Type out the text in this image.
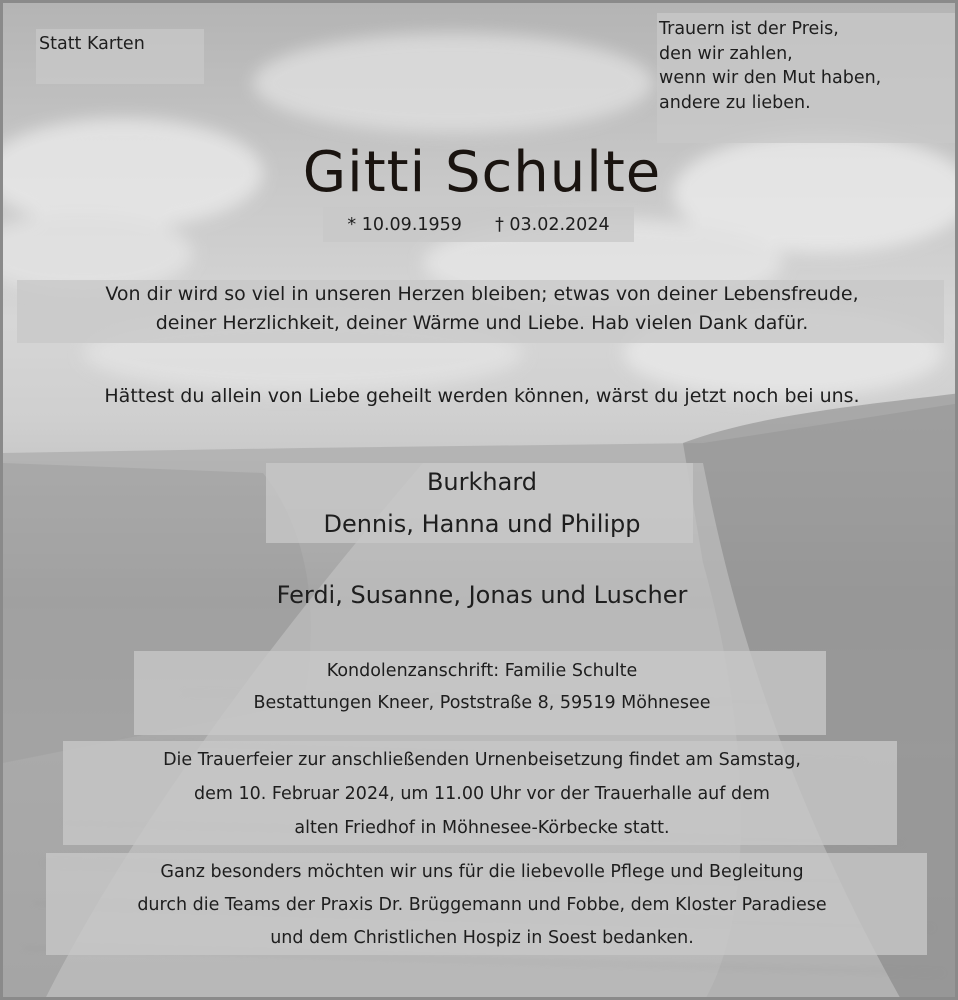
Statt Karten
Trauern ist der Preis,
den wir zahlen,
wenn wir den Mut haben,
andere zu lieben.
Gitti Schulte
* 10.09.1959 † 03.02.2024
Von dir wird so viel in unseren Herzen bleiben; etwas von deiner Lebensfreude,
deiner Herzlichkeit, deiner Wärme und Liebe. Hab vielen Dank dafür.
Hättest du allein von Liebe geheilt werden können, wärst du jetzt noch bei uns.
Burkhard
Dennis, Hanna und Philipp
Ferdi, Susanne, Jonas und Luscher
Kondolenzanschrift: Familie Schulte
Bestattungen Kneer, Poststraße 8, 59519 Möhnesee
Die Trauerfeier zur anschließenden Urnenbeisetzung findet am Samstag,
dem 10. Februar 2024, um 11.00 Uhr vor der Trauerhalle auf dem
alten Friedhof in Möhnesee-Körbecke statt.
Ganz besonders möchten wir uns für die liebevolle Pflege und Begleitung
durch die Teams der Praxis Dr. Brüggemann und Fobbe, dem Kloster Paradiese
und dem Christlichen Hospiz in Soest bedanken.
